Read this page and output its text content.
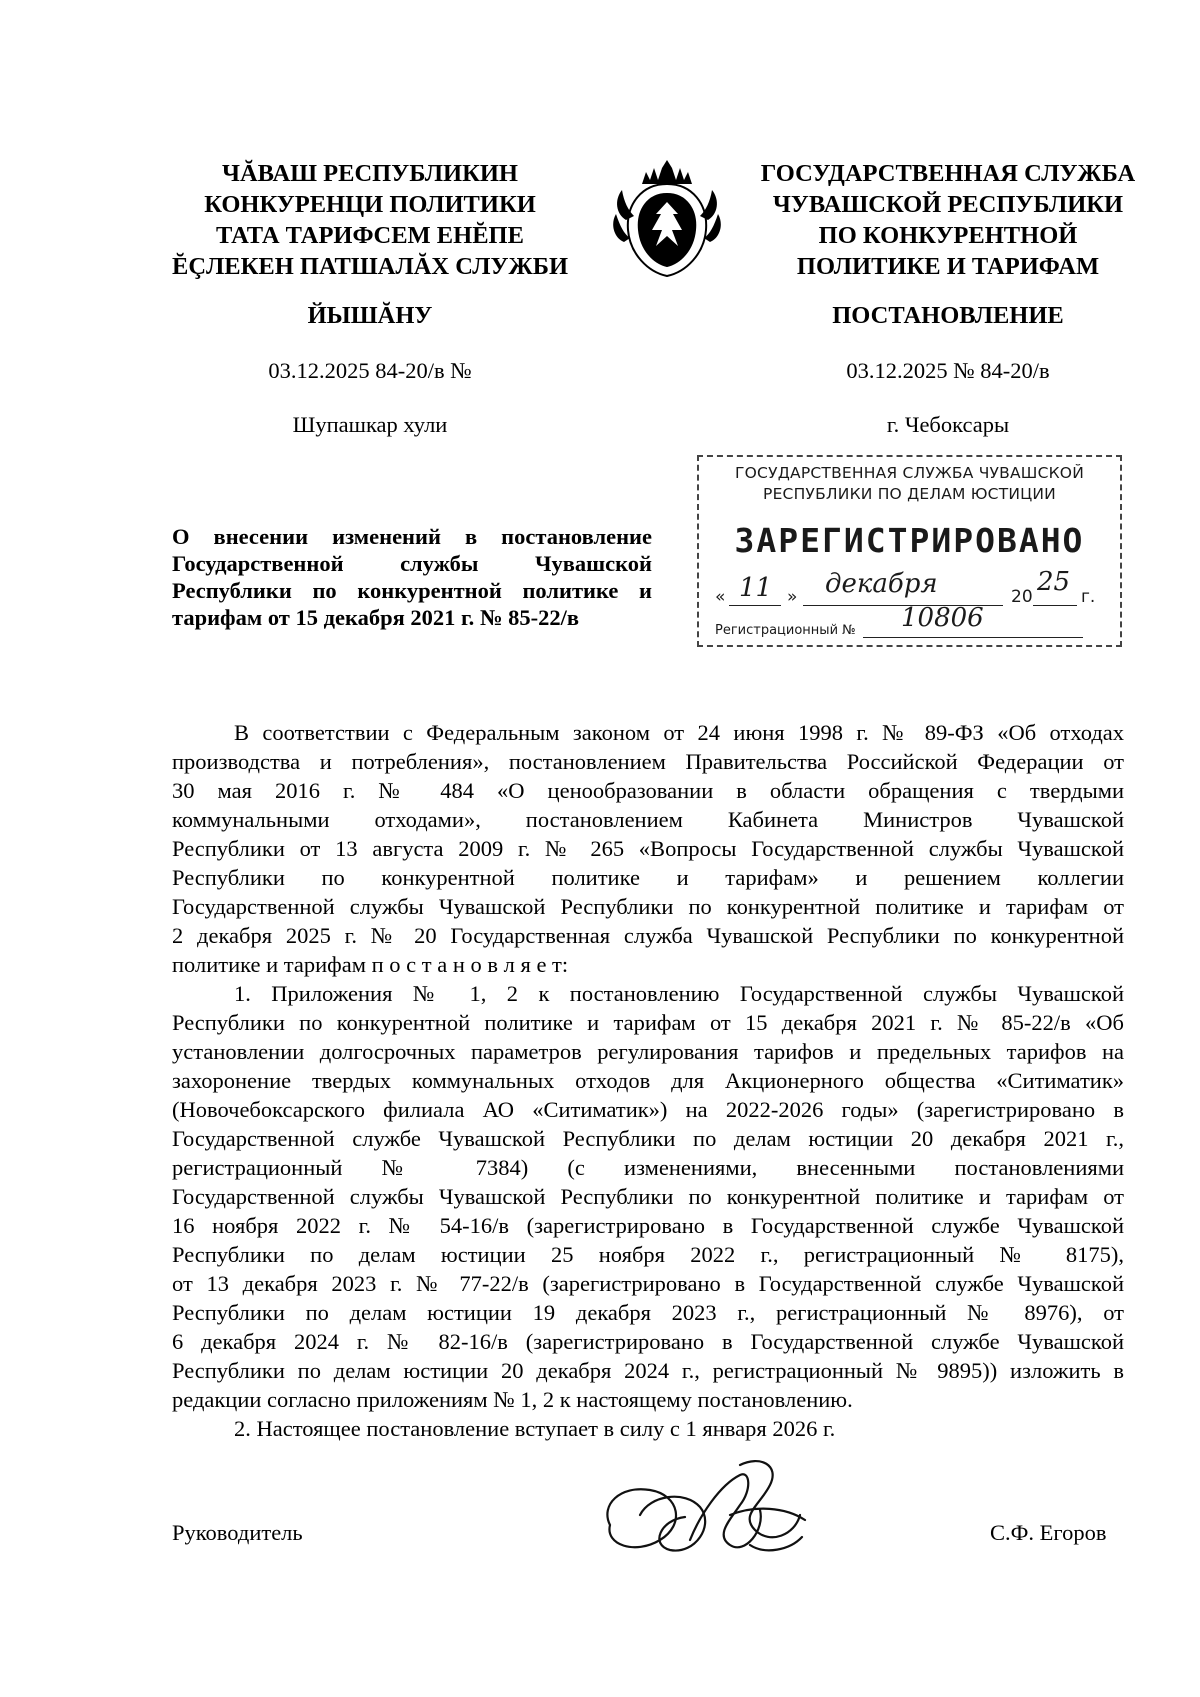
ЧĂВАШ РЕСПУБЛИКИН
КОНКУРЕНЦИ ПОЛИТИКИ
ТАТА ТАРИФСЕМ ЕНĔПЕ
ĔÇЛЕКЕН ПАТШАЛĂХ СЛУЖБИ
ГОСУДАРСТВЕННАЯ СЛУЖБА
ЧУВАШСКОЙ РЕСПУБЛИКИ
ПО КОНКУРЕНТНОЙ
ПОЛИТИКЕ И ТАРИФАМ
ЙЫШĂНУ	ПОСТАНОВЛЕНИЕ
03.12.2025 84-20/в №	03.12.2025 № 84-20/в
Шупашкар хули	г. Чебоксары
ГОСУДАРСТВЕННАЯ СЛУЖБА ЧУВАШСКОЙ
РЕСПУБЛИКИ ПО ДЕЛАМ ЮСТИЦИИ
ЗАРЕГИСТРИРОВАНО
« 11 » декабря	20 25 г.
Регистрационный № 10806
О внесении изменений в постановление
Государственной службы Чувашской
Республики по конкурентной политике и
тарифам от 15 декабря 2021 г. № 85-22/в
В соответствии с Федеральным законом от 24 июня 1998 г. № 89-ФЗ «Об отходах
производства и потребления», постановлением Правительства Российской Федерации от
30 мая 2016 г. № 484 «О ценообразовании в области обращения с твердыми
коммунальными отходами», постановлением Кабинета Министров Чувашской
Республики от 13 августа 2009 г. № 265 «Вопросы Государственной службы Чувашской
Республики по конкурентной политике и тарифам» и решением коллегии
Государственной службы Чувашской Республики по конкурентной политике и тарифам от
2 декабря 2025 г. № 20 Государственная служба Чувашской Республики по конкурентной
политике и тарифам п о с т а н о в л я е т:
1. Приложения № 1, 2 к постановлению Государственной службы Чувашской
Республики по конкурентной политике и тарифам от 15 декабря 2021 г. № 85-22/в «Об
установлении долгосрочных параметров регулирования тарифов и предельных тарифов на
захоронение твердых коммунальных отходов для Акционерного общества «Ситиматик»
(Новочебоксарского филиала АО «Ситиматик») на 2022-2026 годы» (зарегистрировано в
Государственной службе Чувашской Республики по делам юстиции 20 декабря 2021 г.,
регистрационный № 7384) (с изменениями, внесенными постановлениями
Государственной службы Чувашской Республики по конкурентной политике и тарифам от
16 ноября 2022 г. № 54-16/в (зарегистрировано в Государственной службе Чувашской
Республики по делам юстиции 25 ноября 2022 г., регистрационный № 8175),
от 13 декабря 2023 г. № 77-22/в (зарегистрировано в Государственной службе Чувашской
Республики по делам юстиции 19 декабря 2023 г., регистрационный № 8976), от
6 декабря 2024 г. № 82-16/в (зарегистрировано в Государственной службе Чувашской
Республики по делам юстиции 20 декабря 2024 г., регистрационный № 9895)) изложить в
редакции согласно приложениям № 1, 2 к настоящему постановлению.
2. Настоящее постановление вступает в силу с 1 января 2026 г.
Руководитель	С.Ф. Егоров
